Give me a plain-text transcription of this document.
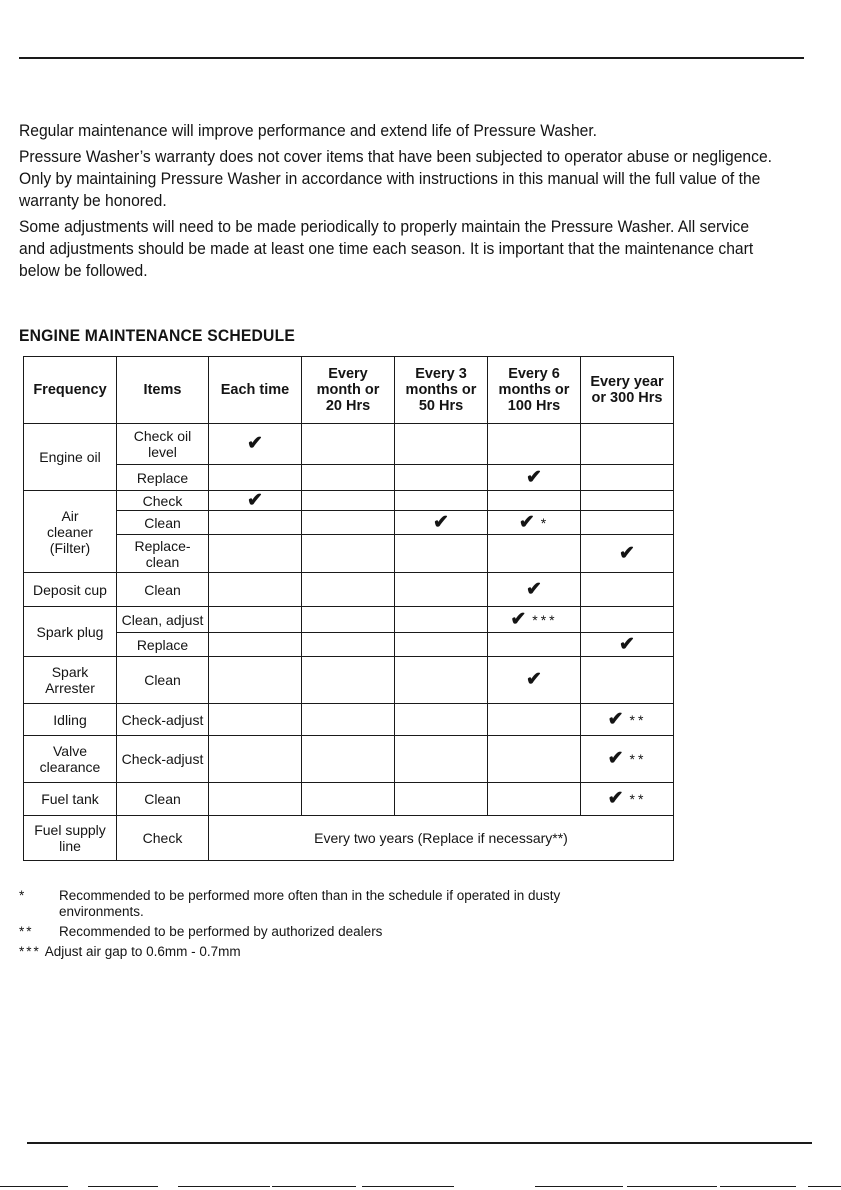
Regular maintenance will improve performance and extend life of Pressure Washer.

Pressure Washer’s warranty does not cover items that have been subjected to operator abuse or negligence. Only by maintaining Pressure Washer in accordance with instructions in this manual will the full value of the warranty be honored.

Some adjustments will need to be made periodically to properly maintain the Pressure Washer. All service and adjustments should be made at least one time each season. It is important that the maintenance chart below be followed.

ENGINE MAINTENANCE SCHEDULE
Frequency	Items	Each time	Every
month or
20 Hrs	Every 3
months or
50 Hrs	Every 6
months or
100 Hrs	Every year
or 300 Hrs
Engine oil	Check oil
level	✔				
	Replace				✔	
Air
cleaner
(Filter)	Check	✔				
	Clean			✔	✔ *	
	Replace-
clean					✔
Deposit cup	Clean				✔	
Spark plug	Clean, adjust				✔ ***	
	Replace					✔
Spark
Arrester	Clean				✔	
Idling	Check-adjust					✔ **
Valve
clearance	Check-adjust					✔ **
Fuel tank	Clean					✔ **
Fuel supply
line	Check	Every two years (Replace if necessary**)				
*	Recommended to be performed more often than in the schedule if operated in dusty environments.
**	Recommended to be performed by authorized dealers
*** Adjust air gap to 0.6mm - 0.7mm
